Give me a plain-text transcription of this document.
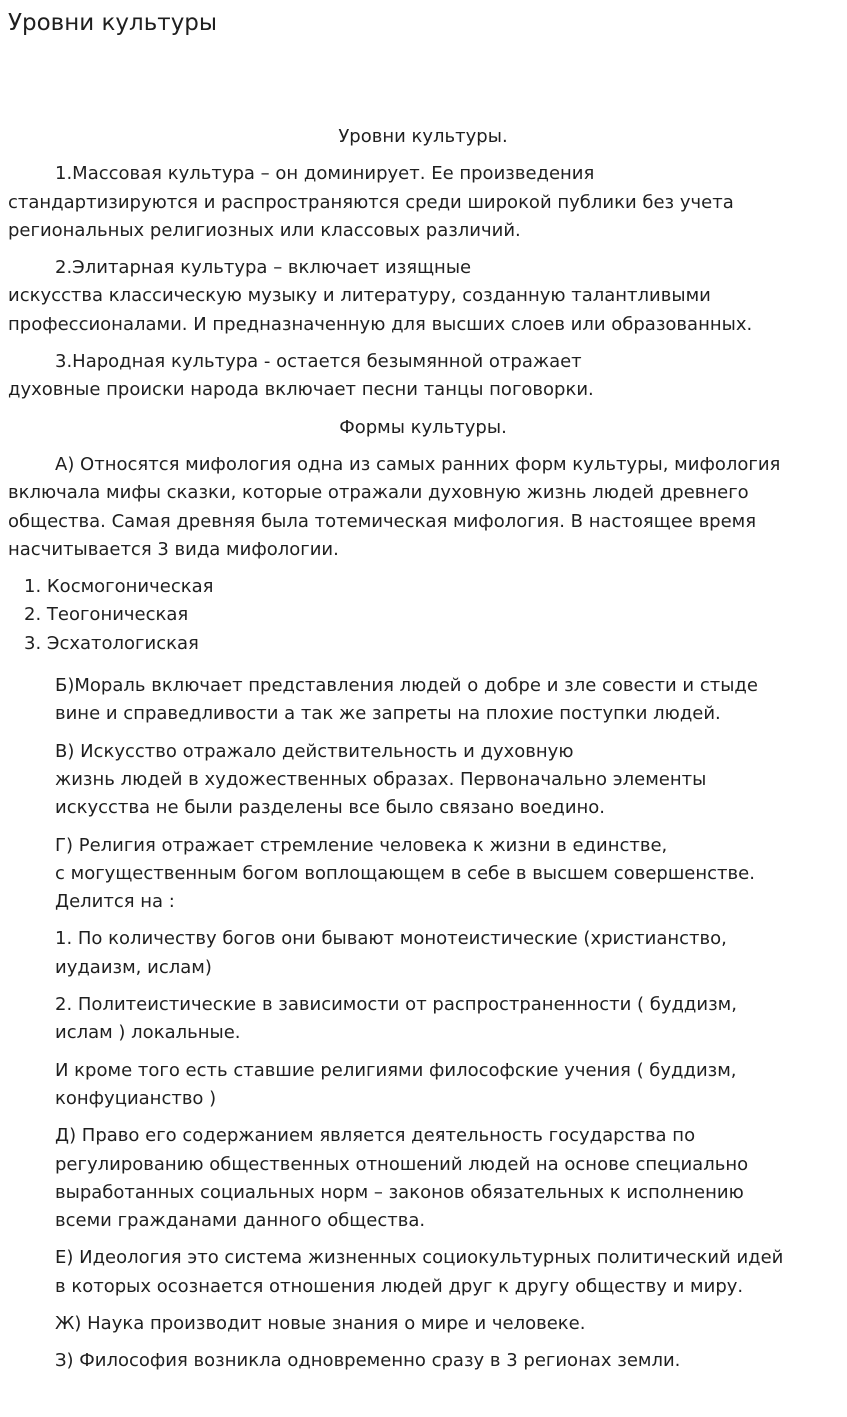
Уровни культуры
Уровни культуры.
1.Массовая культура – он доминирует. Ее произведения
стандартизируются и распространяются среди широкой публики без учета
региональных религиозных или классовых различий.
2.Элитарная культура – включает изящные
искусства классическую музыку и литературу, созданную талантливыми
профессионалами. И предназначенную для высших слоев или образованных.
3.Народная культура - остается безымянной отражает
духовные происки народа включает песни танцы поговорки.
Формы культуры.
А) Относятся мифология одна из самых ранних форм культуры, мифология
включала мифы сказки, которые отражали духовную жизнь людей древнего
общества. Самая древняя была тотемическая мифология. В настоящее время
насчитывается 3 вида мифологии.
1. Космогоническая
2. Теогоническая
3. Эсхатологиская
Б)Мораль включает представления людей о добре и зле совести и стыде
вине и справедливости а так же запреты на плохие поступки людей.
В) Искусство отражало действительность и духовную
жизнь людей в художественных образах. Первоначально элементы
искусства не были разделены все было связано воедино.
Г) Религия отражает стремление человека к жизни в единстве,
с могущественным богом воплощающем в себе в высшем совершенстве.
Делится на :
1. По количеству богов они бывают монотеистические (христианство,
иудаизм, ислам)
2. Политеистические в зависимости от распространенности ( буддизм,
ислам ) локальные.
И кроме того есть ставшие религиями философские учения ( буддизм,
конфуцианство )
Д) Право его содержанием является деятельность государства по
регулированию общественных отношений людей на основе специально
выработанных социальных норм – законов обязательных к исполнению
всеми гражданами данного общества.
Е) Идеология это система жизненных социокультурных политический идей
в которых осознается отношения людей друг к другу обществу и миру.
Ж) Наука производит новые знания о мире и человеке.
З) Философия возникла одновременно сразу в 3 регионах земли.
